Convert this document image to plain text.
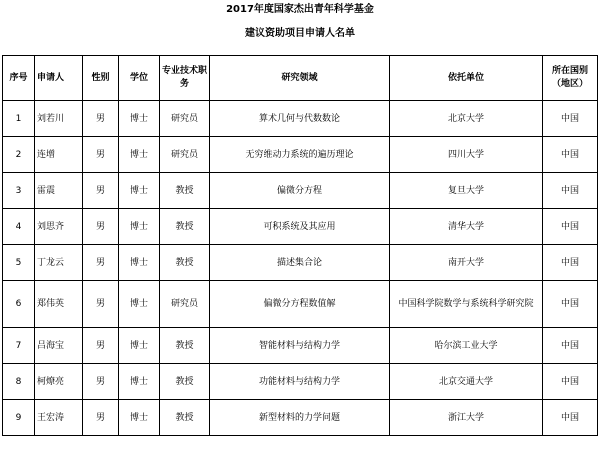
2017年度国家杰出青年科学基金
建议资助项目申请人名单
序号	申请人	性别	学位	专业技术职务	研究领域	依托单位	所在国别（地区）
1	刘若川	男	博士	研究员	算术几何与代数数论	北京大学	中国
2	连增	男	博士	研究员	无穷维动力系统的遍历理论	四川大学	中国
3	雷震	男	博士	教授	偏微分方程	复旦大学	中国
4	刘思齐	男	博士	教授	可积系统及其应用	清华大学	中国
5	丁龙云	男	博士	教授	描述集合论	南开大学	中国
6	郑伟英	男	博士	研究员	偏微分方程数值解	中国科学院数学与系统科学研究院	中国
7	吕海宝	男	博士	教授	智能材料与结构力学	哈尔滨工业大学	中国
8	柯燎亮	男	博士	教授	功能材料与结构力学	北京交通大学	中国
9	王宏涛	男	博士	教授	新型材料的力学问题	浙江大学	中国
